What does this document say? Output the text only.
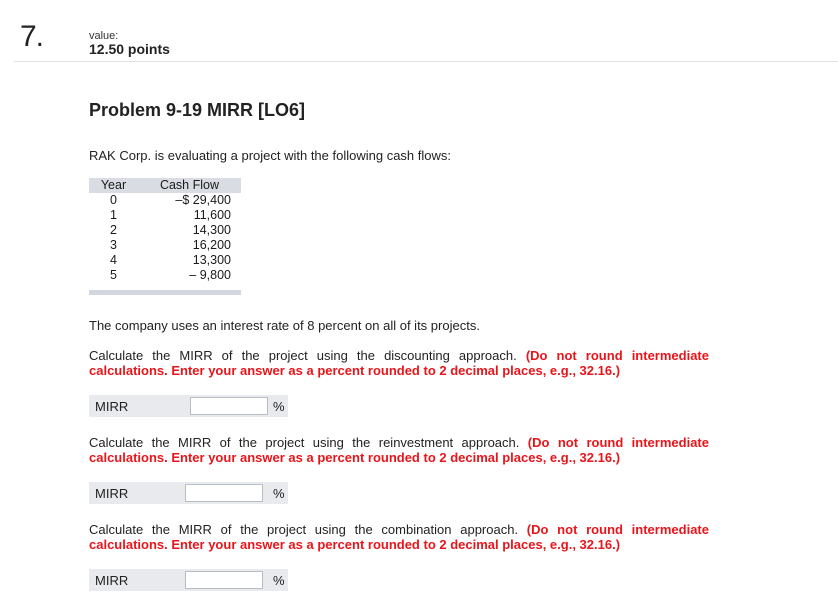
7.	value:
12.50 points
Problem 9-19 MIRR [LO6]
RAK Corp. is evaluating a project with the following cash flows:
Year	Cash Flow
0	–$ 29,400
1	11,600
2	14,300
3	16,200
4	13,300
5	– 9,800
The company uses an interest rate of 8 percent on all of its projects.
Calculate the MIRR of the project using the discounting approach. (Do not round intermediate calculations. Enter your answer as a percent rounded to 2 decimal places, e.g., 32.16.)
MIRR	%
Calculate the MIRR of the project using the reinvestment approach. (Do not round intermediate calculations. Enter your answer as a percent rounded to 2 decimal places, e.g., 32.16.)
MIRR	%
Calculate the MIRR of the project using the combination approach. (Do not round intermediate calculations. Enter your answer as a percent rounded to 2 decimal places, e.g., 32.16.)
MIRR	%
